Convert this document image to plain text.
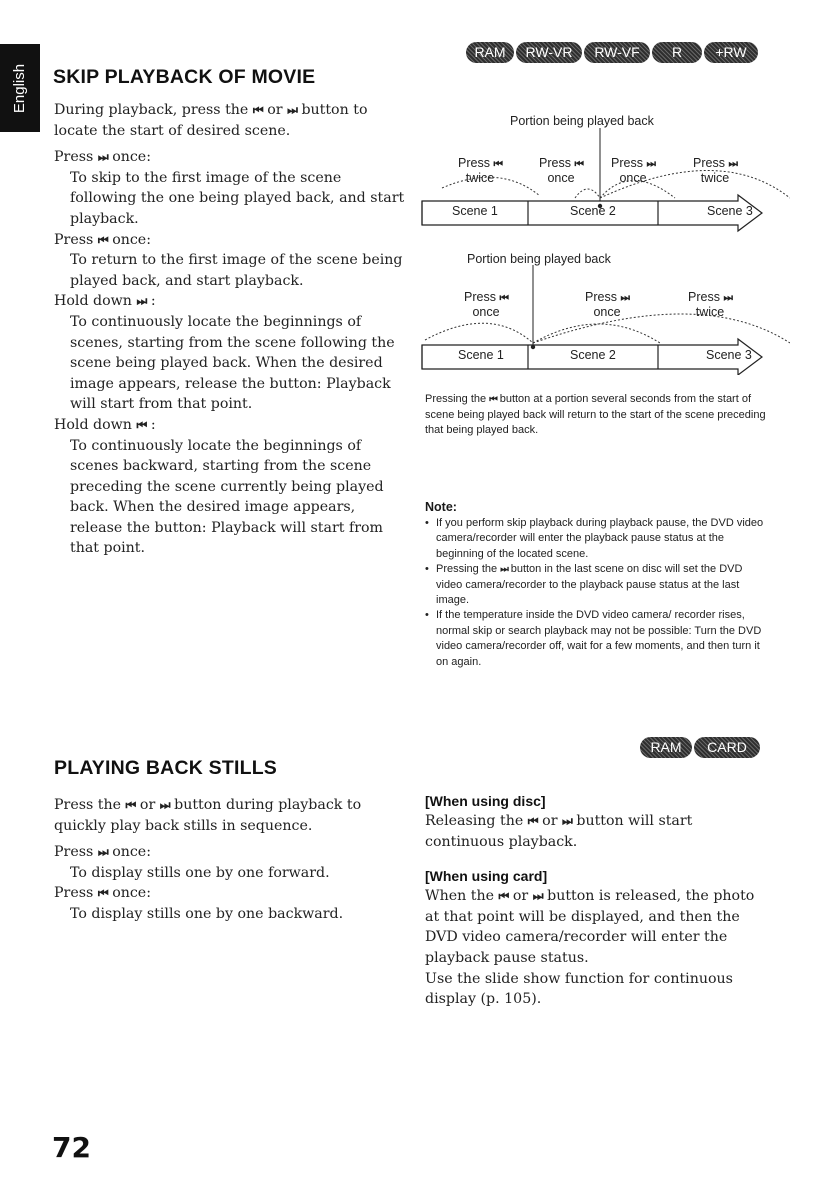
English SKIP PLAYBACK OF MOVIE
RAM	RW-VR	RW-VF	R	+RW

During playback, press the ⏮ or ⏭ button to locate the start of desired scene.

Press ⏭ once:

To skip to the first image of the scene following the one being played back, and start playback.

Press ⏮ once:

To return to the first image of the scene being played back, and start playback.

Hold down ⏭ :

To continuously locate the beginnings of scenes, starting from the scene following the scene being played back. When the desired image appears, release the button: Playback will start from that point.

Hold down ⏮ :

To continuously locate the beginnings of scenes backward, starting from the scene preceding the scene currently being played back. When the desired image appears, release the button: Playback will start from that point.

Portion being played back
Press ⏮
twice
Press ⏮
once
Press ⏭
once
Press ⏭
twice
Scene 1	Scene 2	Scene 3
Portion being played back
Press ⏮
once
Press ⏭
once
Press ⏭
twice
Scene 1	Scene 2	Scene 3
Pressing the ⏮ button at a portion several seconds from the start of scene being played back will return to the start of the scene preceding that being played back.
Note:
• If you perform skip playback during playback pause, the DVD video camera/recorder will enter the playback pause status at the beginning of the located scene.
• Pressing the ⏭ button in the last scene on disc will set the DVD video camera/recorder to the playback pause status at the last image.
• If the temperature inside the DVD video camera/ recorder rises, normal skip or search playback may not be possible: Turn the DVD video camera/recorder off, wait for a few moments, and then turn it on again.
RAM	CARD
PLAYING BACK STILLS

Press the ⏮ or ⏭ button during playback to quickly play back stills in sequence.

Press ⏭ once:

To display stills one by one forward.

Press ⏮ once:

To display stills one by one backward.

[When using disc]
Releasing the ⏮ or ⏭ button will start continuous playback.
[When using card]
When the ⏮ or ⏭ button is released, the photo at that point will be displayed, and then the DVD video camera/recorder will enter the playback pause status.
Use the slide show function for continuous display (p. 105).
72
